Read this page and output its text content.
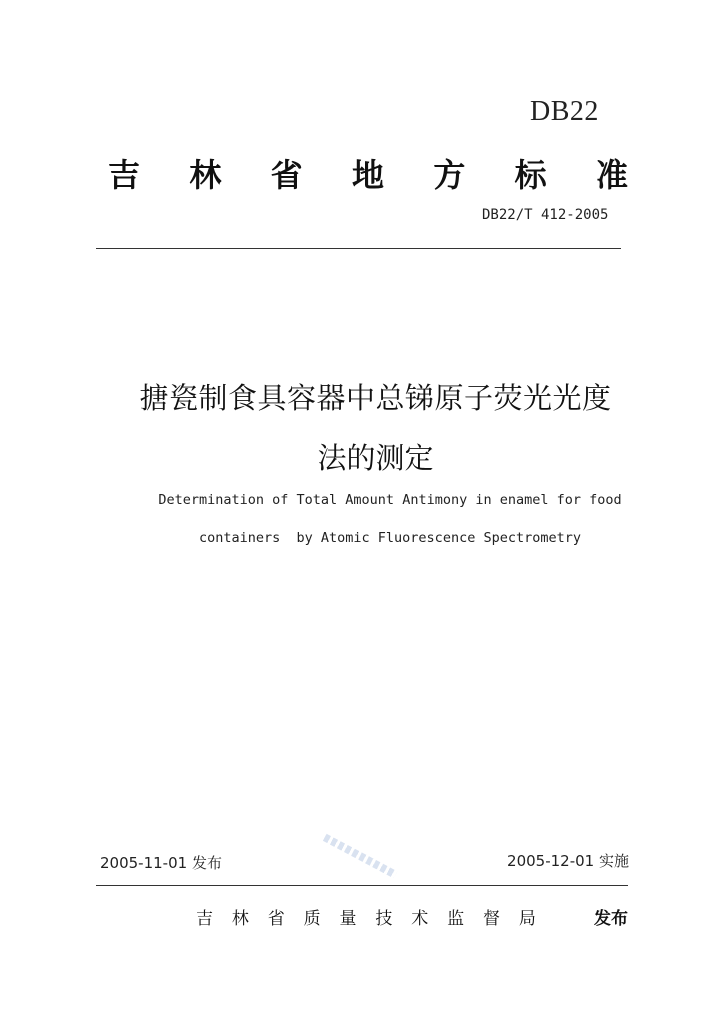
DB22
吉 林 省 地 方 标 准
DB22/T 412-2005
搪瓷制食具容器中总锑原子荧光光度
法的测定
Determination of Total Amount Antimony in enamel for food
containers  by Atomic Fluorescence Spectrometry
2005-11-01 发布	2005-12-01 实施
吉 林 省 质 量 技 术 监 督 局	发布
